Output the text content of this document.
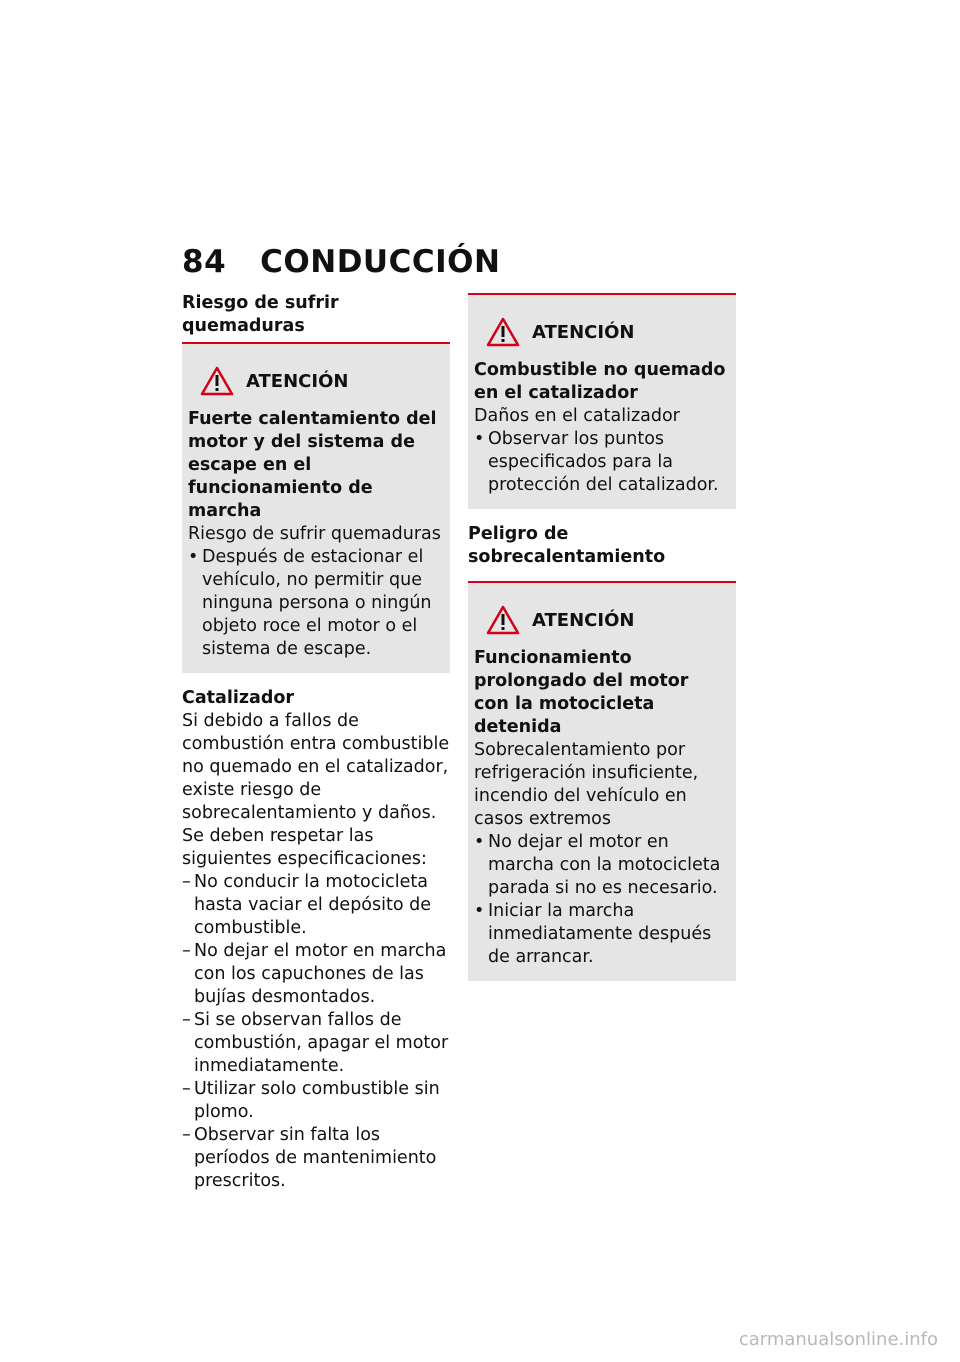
84 CONDUCCIÓN

Riesgo de sufrir quemaduras

ATENCIÓN

Fuerte calentamiento del motor y del sistema de escape en el funcionamiento de marcha

Riesgo de sufrir quemaduras

• Después de estacionar el vehículo, no permitir que ninguna persona o ningún objeto roce el motor o el sistema de escape.

Catalizador

Si debido a fallos de combustión entra combustible no quemado en el catalizador, existe riesgo de sobrecalentamiento y daños.

Se deben respetar las siguientes especificaciones:

– No conducir la motocicleta hasta vaciar el depósito de combustible.
– No dejar el motor en marcha con los capuchones de las bujías desmontados.
– Si se observan fallos de combustión, apagar el motor inmediatamente.
– Utilizar solo combustible sin plomo.
– Observar sin falta los períodos de mantenimiento prescritos.
ATENCIÓN

Combustible no quemado en el catalizador

Daños en el catalizador

• Observar los puntos especificados para la protección del catalizador.

Peligro de sobrecalentamiento

ATENCIÓN

Funcionamiento prolongado del motor con la motocicleta detenida

Sobrecalentamiento por refrigeración insuficiente, incendio del vehículo en casos extremos

• No dejar el motor en marcha con la motocicleta parada si no es necesario.
• Iniciar la marcha inmediatamente después de arrancar.
carmanualsonline.info
